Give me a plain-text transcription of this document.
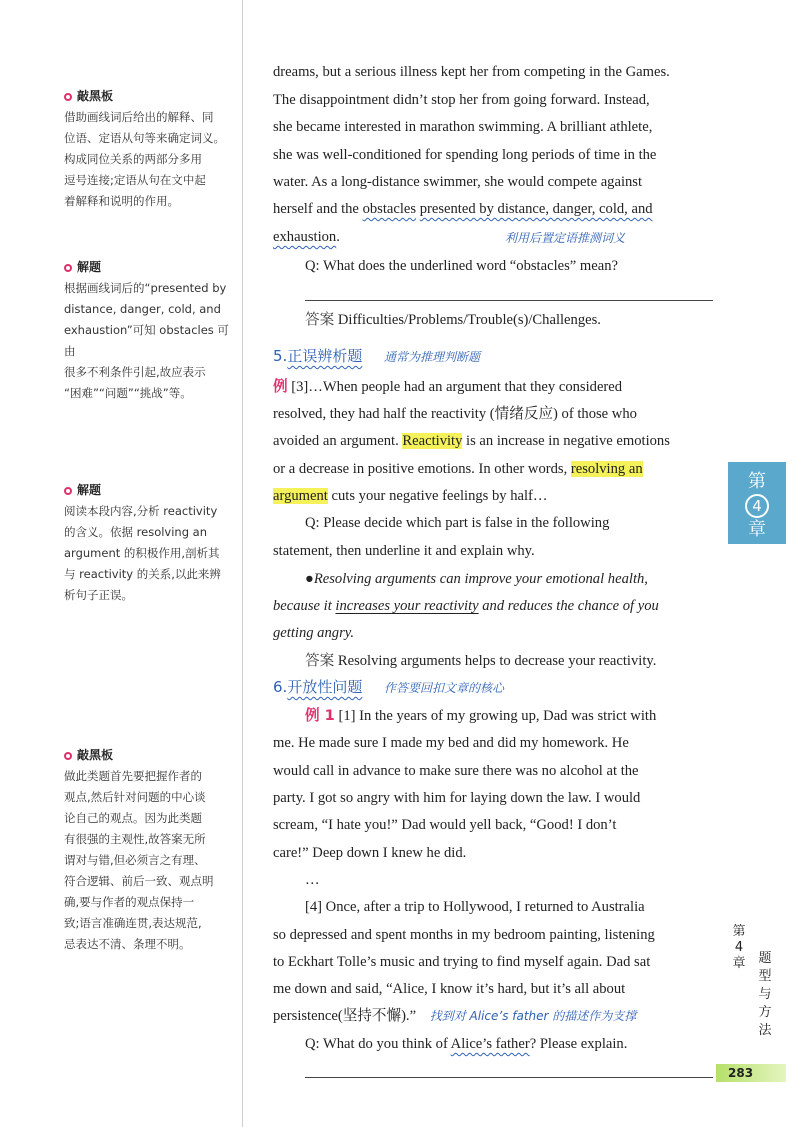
敲黑板
借助画线词后给出的解释、同
位语、定语从句等来确定词义。
构成同位关系的两部分多用
逗号连接;定语从句在文中起
着解释和说明的作用。
解题
根据画线词后的“presented by
distance, danger, cold, and
exhaustion”可知 obstacles 可由
很多不利条件引起,故应表示
“困难”“问题”“挑战”等。
解题
阅读本段内容,分析 reactivity
的含义。依据 resolving an
argument 的积极作用,剖析其
与 reactivity 的关系,以此来辨
析句子正误。
敲黑板
做此类题首先要把握作者的
观点,然后针对问题的中心谈
论自己的观点。因为此类题
有很强的主观性,故答案无所
谓对与错,但必须言之有理、
符合逻辑、前后一致、观点明
确,要与作者的观点保持一
致;语言准确连贯,表达规范,
忌表达不清、条理不明。
dreams, but a serious illness kept her from competing in the Games.
The disappointment didn’t stop her from going forward. Instead,
she became interested in marathon swimming. A brilliant athlete,
she was well-conditioned for spending long periods of time in the
water. As a long-distance swimmer, she would compete against
herself and the obstacles presented by distance, danger, cold, and
exhaustion.	利用后置定语推测词义
Q: What does the underlined word “obstacles” mean?
答案 Difficulties/Problems/Trouble(s)/Challenges.
5.正误辨析题 通常为推理判断题
例 [3]…When people had an argument that they considered
resolved, they had half the reactivity (情绪反应) of those who
avoided an argument. Reactivity is an increase in negative emotions
or a decrease in positive emotions. In other words, resolving an
argument cuts your negative feelings by half…
Q: Please decide which part is false in the following
statement, then underline it and explain why.
●Resolving arguments can improve your emotional health,
because it increases your reactivity and reduces the chance of you
getting angry.
答案 Resolving arguments helps to decrease your reactivity.
6.开放性问题 作答要回扣文章的核心
例 1 [1] In the years of my growing up, Dad was strict with
me. He made sure I made my bed and did my homework. He
would call in advance to make sure there was no alcohol at the
party. I got so angry with him for laying down the law. I would
scream, “I hate you!” Dad would yell back, “Good! I don’t
care!” Deep down I knew he did.
…
[4] Once, after a trip to Hollywood, I returned to Australia
so depressed and spent months in my bedroom painting, listening
to Eckhart Tolle’s music and trying to find myself again. Dad sat
me down and said, “Alice, I know it’s hard, but it’s all about
persistence(坚持不懈).” 找到对 Alice’s father 的描述作为支撑
Q: What do you think of Alice’s father? Please explain.
第
4
章
第
4
章 题
型
与
方
法
283
